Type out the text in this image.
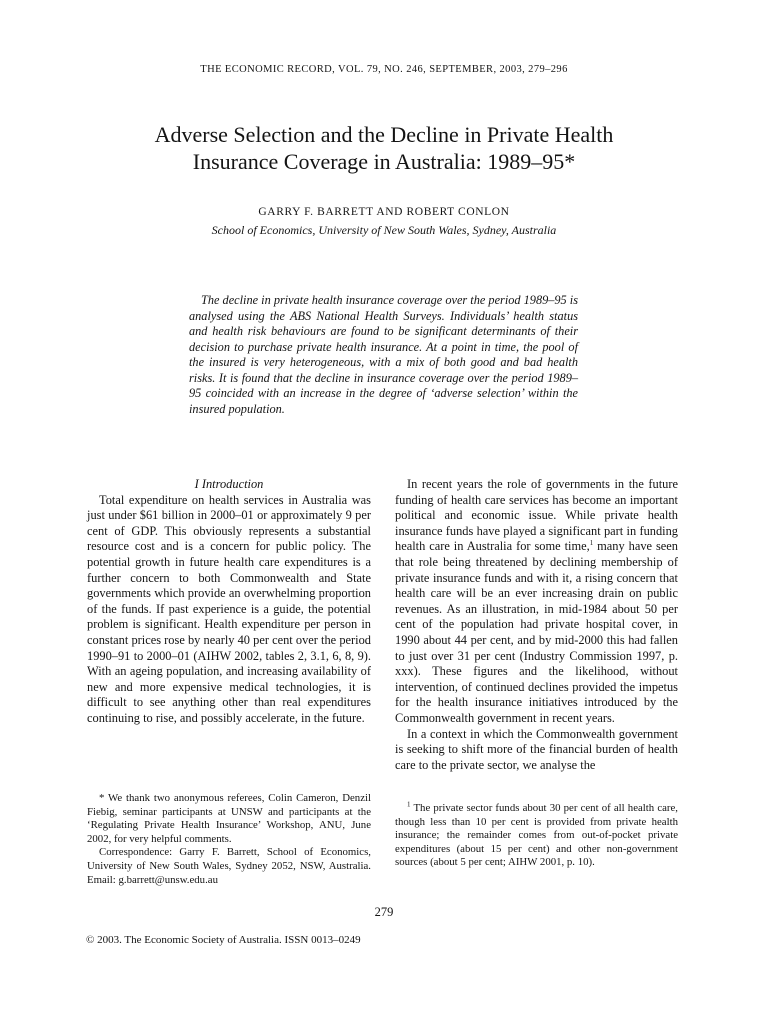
THE ECONOMIC RECORD, VOL. 79, NO. 246, SEPTEMBER, 2003, 279–296
Adverse Selection and the Decline in Private Health
Insurance Coverage in Australia: 1989–95*
GARRY F. BARRETT AND ROBERT CONLON
School of Economics, University of New South Wales, Sydney, Australia
The decline in private health insurance coverage over the period 1989–95 is analysed using the ABS National Health Surveys. Individuals’ health status and health risk behaviours are found to be significant determinants of their decision to purchase private health insurance. At a point in time, the pool of the insured is very heterogeneous, with a mix of both good and bad health risks. It is found that the decline in insurance coverage over the period 1989–95 coincided with an increase in the degree of ‘adverse selection’ within the insured population.
I Introduction

Total expenditure on health services in Australia was just under $61 billion in 2000–01 or approximately 9 per cent of GDP. This obviously represents a substantial resource cost and is a concern for public policy. The potential growth in future health care expenditures is a further concern to both Commonwealth and State governments which provide an overwhelming proportion of the funds. If past experience is a guide, the potential problem is significant. Health expenditure per person in constant prices rose by nearly 40 per cent over the period 1990–91 to 2000–01 (AIHW 2002, tables 2, 3.1, 6, 8, 9). With an ageing population, and increasing availability of new and more expensive medical technologies, it is difficult to see anything other than real expenditures continuing to rise, and possibly accelerate, in the future.

In recent years the role of governments in the future funding of health care services has become an important political and economic issue. While private health insurance funds have played a significant part in funding health care in Australia for some time,$^1$ many have seen that role being threatened by declining membership of private insurance funds and with it, a rising concern that health care will be an ever increasing drain on public revenues. As an illustration, in mid-1984 about 50 per cent of the population had private hospital cover, in 1990 about 44 per cent, and by mid-2000 this had fallen to just over 31 per cent (Industry Commission 1997, p. xxx). These figures and the likelihood, without intervention, of continued declines provided the impetus for the health insurance initiatives introduced by the Commonwealth government in recent years.

In a context in which the Commonwealth government is seeking to shift more of the financial burden of health care to the private sector, we analyse the

* We thank two anonymous referees, Colin Cameron, Denzil Fiebig, seminar participants at UNSW and participants at the ‘Regulating Private Health Insurance’ Workshop, ANU, June 2002, for very helpful comments.

Correspondence: Garry F. Barrett, School of Economics, University of New South Wales, Sydney 2052, NSW, Australia. Email: g.barrett@unsw.edu.au

$^1$ The private sector funds about 30 per cent of all health care, though less than 10 per cent is provided from private health insurance; the remainder comes from out-of-pocket private expenditures (about 15 per cent) and other non-government sources (about 5 per cent; AIHW 2001, p. 10).

279
© 2003. The Economic Society of Australia. ISSN 0013–0249
